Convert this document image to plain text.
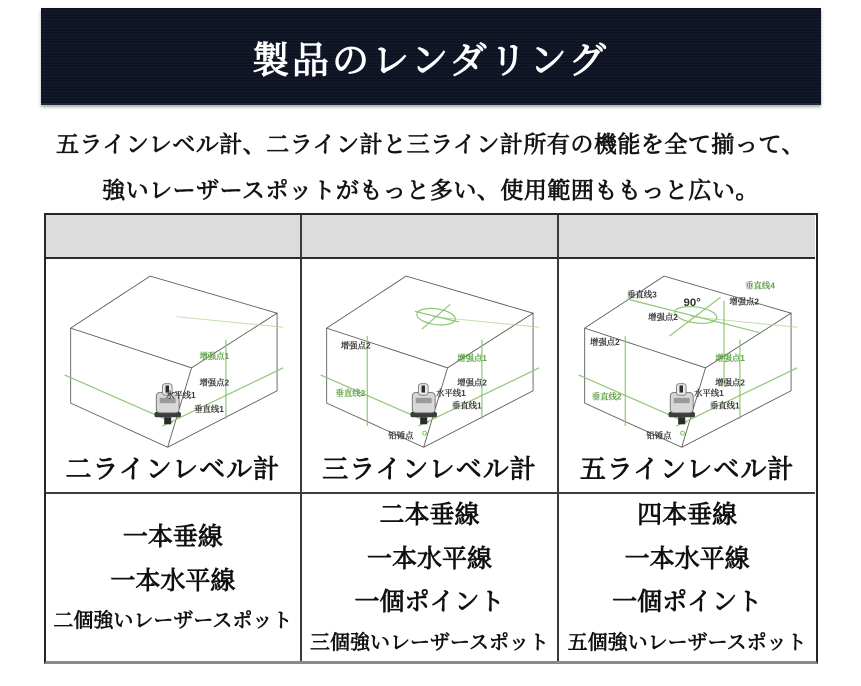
製品のレンダリング

五ラインレベル計、二ライン計と三ライン計所有の機能を全て揃って、

強いレーザースポットがもっと多い、使用範囲ももっと広い。

增强点1
增强点2
水平线1
垂直线1
二ラインレベル計
增强点2
垂直线2	水平线1
增强点1
增强点2
垂直线1
铅锤点
三ラインレベル計
垂直线3
90°
垂直线4
增强点2
增强点2
增强点2
增强点1
水平线1
增强点2
垂直线1
垂直线2
铅锤点
五ラインレベル計

一本垂線

一本水平線

二個強いレーザースポット

二本垂線

一本水平線

一個ポイント

三個強いレーザースポット

四本垂線

一本水平線

一個ポイント

五個強いレーザースポット
